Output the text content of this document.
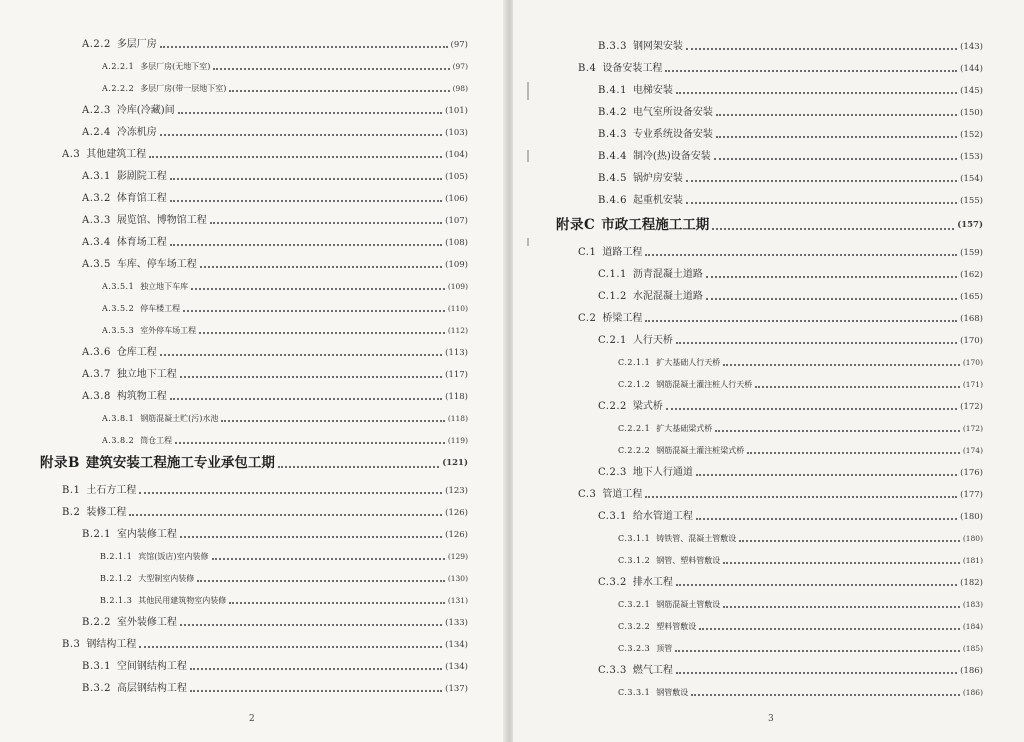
A.2.2 多层厂房	(97)
A.2.2.1 多层厂房(无地下室)	(97)
A.2.2.2 多层厂房(带一层地下室)	(98)
A.2.3 冷库(冷藏)间	(101)
A.2.4 冷冻机房	(103)
A.3 其他建筑工程	(104)
A.3.1 影剧院工程	(105)
A.3.2 体育馆工程	(106)
A.3.3 展览馆、博物馆工程	(107)
A.3.4 体育场工程	(108)
A.3.5 车库、停车场工程	(109)
A.3.5.1 独立地下车库	(109)
A.3.5.2 停车楼工程	(110)
A.3.5.3 室外停车场工程	(112)
A.3.6 仓库工程	(113)
A.3.7 独立地下工程	(117)
A.3.8 构筑物工程	(118)
A.3.8.1 钢筋混凝土贮(污)水池	(118)
A.3.8.2 筒仓工程	(119)
附录B 建筑安装工程施工专业承包工期	(121)
B.1 土石方工程	(123)
B.2 装修工程	(126)
B.2.1 室内装修工程	(126)
B.2.1.1 宾馆(饭店)室内装修	(129)
B.2.1.2 大型制室内装修	(130)
B.2.1.3 其他民用建筑物室内装修	(131)
B.2.2 室外装修工程	(133)
B.3 钢结构工程	(134)
B.3.1 空间钢结构工程	(134)
B.3.2 高层钢结构工程	(137)
2
B.3.3 钢网架安装	(143)
B.4 设备安装工程	(144)
B.4.1 电梯安装	(145)
B.4.2 电气室所设备安装	(150)
B.4.3 专业系统设备安装	(152)
B.4.4 制冷(热)设备安装	(153)
B.4.5 锅炉房安装	(154)
B.4.6 起重机安装	(155)
附录C 市政工程施工工期	(157)
C.1 道路工程	(159)
C.1.1 沥青混凝土道路	(162)
C.1.2 水泥混凝土道路	(165)
C.2 桥梁工程	(168)
C.2.1 人行天桥	(170)
C.2.1.1 扩大基础人行天桥	(170)
C.2.1.2 钢筋混凝土灌注桩人行天桥	(171)
C.2.2 梁式桥	(172)
C.2.2.1 扩大基础梁式桥	(172)
C.2.2.2 钢筋混凝土灌注桩梁式桥	(174)
C.2.3 地下人行通道	(176)
C.3 管道工程	(177)
C.3.1 给水管道工程	(180)
C.3.1.1 铸铁管、混凝土管敷设	(180)
C.3.1.2 钢管、塑料管敷设	(181)
C.3.2 排水工程	(182)
C.3.2.1 钢筋混凝土管敷设	(183)
C.3.2.2 塑料管敷设	(184)
C.3.2.3 顶管	(185)
C.3.3 燃气工程	(186)
C.3.3.1 钢管敷设	(186)
3
